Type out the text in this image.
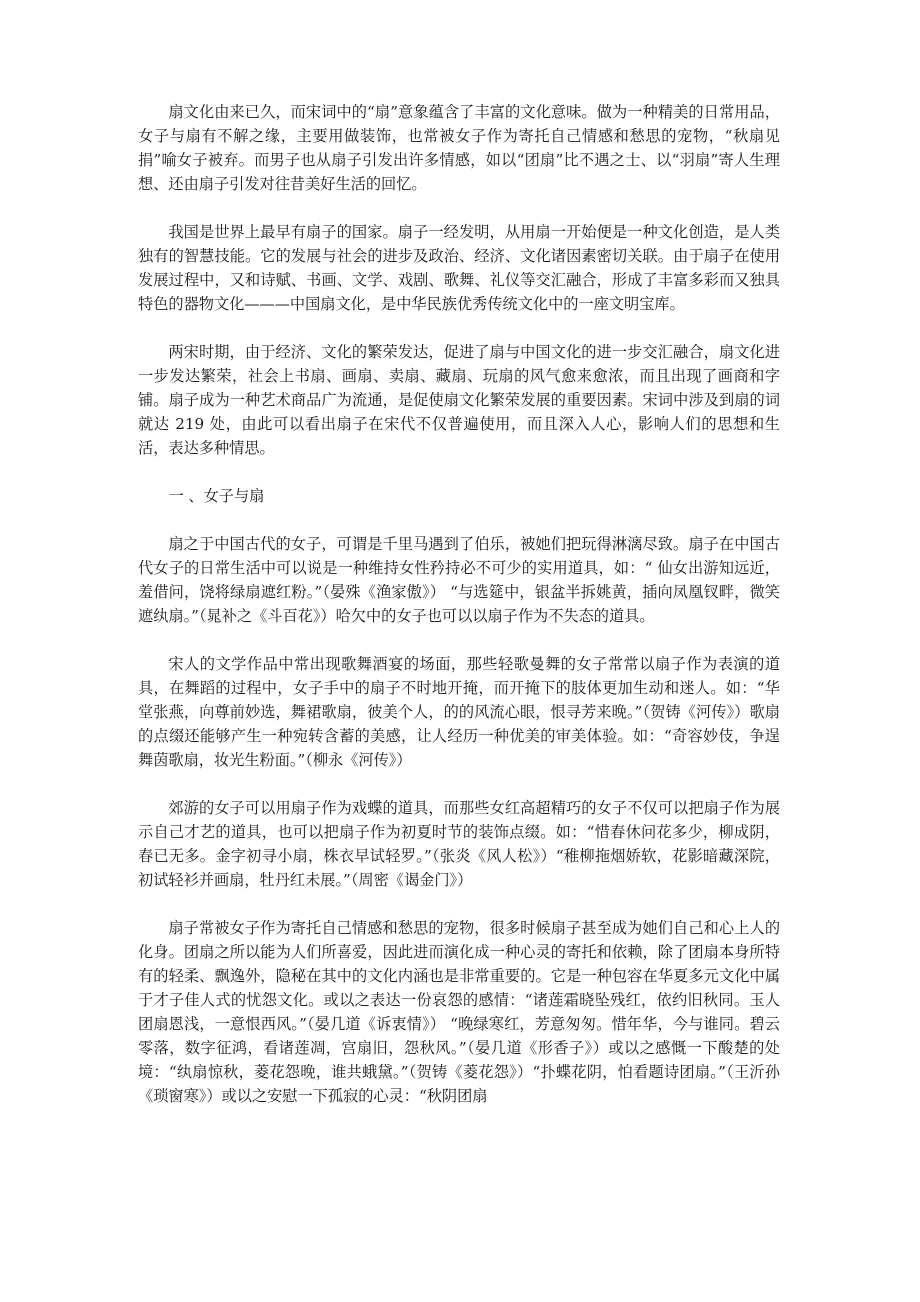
扇文化由来已久，而宋词中的“扇”意象蕴含了丰富的文化意味。做为一种精美的日常用品，女子与扇有不解之缘，主要用做装饰，也常被女子作为寄托自己情感和愁思的宠物，“秋扇见捐”喻女子被弃。而男子也从扇子引发出许多情感，如以“团扇”比不遇之士、以“羽扇”寄人生理想、还由扇子引发对往昔美好生活的回忆。

我国是世界上最早有扇子的国家。扇子一经发明，从用扇一开始便是一种文化创造，是人类独有的智慧技能。它的发展与社会的进步及政治、经济、文化诸因素密切关联。由于扇子在使用发展过程中，又和诗赋、书画、文学、戏剧、歌舞、礼仪等交汇融合，形成了丰富多彩而又独具特色的器物文化———中国扇文化，是中华民族优秀传统文化中的一座文明宝库。

两宋时期，由于经济、文化的繁荣发达，促进了扇与中国文化的进一步交汇融合，扇文化进一步发达繁荣，社会上书扇、画扇、卖扇、藏扇、玩扇的风气愈来愈浓，而且出现了画商和字铺。扇子成为一种艺术商品广为流通，是促使扇文化繁荣发展的重要因素。宋词中涉及到扇的词就达 219 处，由此可以看出扇子在宋代不仅普遍使用，而且深入人心，影响人们的思想和生活，表达多种情思。

一 、女子与扇

扇之于中国古代的女子，可谓是千里马遇到了伯乐，被她们把玩得淋漓尽致。扇子在中国古代女子的日常生活中可以说是一种维持女性矜持必不可少的实用道具，如：“ 仙女出游知远近，羞借问，饶将绿扇遮红粉。”（晏殊《渔家傲》） “与选筵中，银盆半拆姚黄，插向凤凰钗畔，微笑遮纨扇。”（晁补之《斗百花》）哈欠中的女子也可以以扇子作为不失态的道具。

宋人的文学作品中常出现歌舞酒宴的场面，那些轻歌曼舞的女子常常以扇子作为表演的道具，在舞蹈的过程中，女子手中的扇子不时地开掩，而开掩下的肢体更加生动和迷人。如：“华堂张燕，向尊前妙选，舞裙歌扇，彼美个人，的的风流心眼，恨寻芳来晚。”（贺铸《河传》）歌扇的点缀还能够产生一种宛转含蓄的美感，让人经历一种优美的审美体验。如：“奇容妙伎，争逞舞茵歌扇，妆光生粉面。”（柳永《河传》）

郊游的女子可以用扇子作为戏蝶的道具，而那些女红高超精巧的女子不仅可以把扇子作为展示自己才艺的道具，也可以把扇子作为初夏时节的装饰点缀。如：“惜春休问花多少，柳成阴，春已无多。金字初寻小扇，株衣早试轻罗。”（张炎《风人松》）“稚柳拖烟娇软，花影暗藏深院，初试轻衫并画扇，牡丹红未展。”（周密《谒金门》）

扇子常被女子作为寄托自己情感和愁思的宠物，很多时候扇子甚至成为她们自己和心上人的化身。团扇之所以能为人们所喜爱，因此进而演化成一种心灵的寄托和依赖，除了团扇本身所特有的轻柔、飘逸外，隐秘在其中的文化内涵也是非常重要的。它是一种包容在华夏多元文化中属于才子佳人式的忧怨文化。或以之表达一份哀怨的感情：“诸莲霜晓坠残红，依约旧秋同。玉人团扇恩浅，一意恨西风。”（晏几道《诉衷情》） “晚绿寒红，芳意匆匆。惜年华，今与谁同。碧云零落，数字征鸿，看诸莲凋，宫扇旧，怨秋风。”（晏几道《形香子》）或以之感慨一下酸楚的处境：“纨扇惊秋，菱花怨晚，谁共蛾黛。”（贺铸《菱花怨》）“扑蝶花阴，怕看题诗团扇。”（王沂孙《琐窗寒》）或以之安慰一下孤寂的心灵：“秋阴团扇
